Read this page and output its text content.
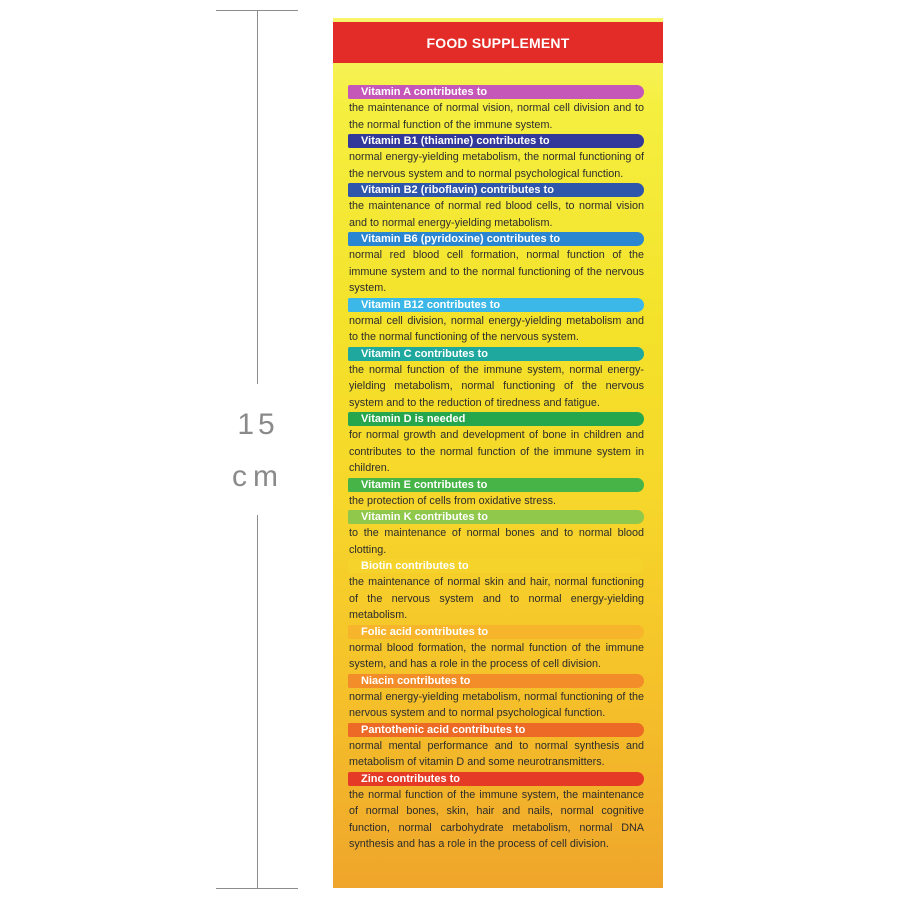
15
cm
FOOD SUPPLEMENT
Vitamin A contributes to

the maintenance of normal vision, normal cell division and to the normal function of the immune system.

Vitamin B1 (thiamine) contributes to

normal energy-yielding metabolism, the normal functioning of the nervous system and to normal psychological function.

Vitamin B2 (riboflavin) contributes to

the maintenance of normal red blood cells, to normal vision and to normal energy-yielding metabolism.

Vitamin B6 (pyridoxine) contributes to

normal red blood cell formation, normal function of the immune system and to the normal functioning of the nervous system.

Vitamin B12 contributes to

normal cell division, normal energy-yielding metabolism and to the normal functioning of the nervous system.

Vitamin C contributes to

the normal function of the immune system, normal energy-yielding metabolism, normal functioning of the nervous system and to the reduction of tiredness and fatigue.

Vitamin D is needed

for normal growth and development of bone in children and contributes to the normal function of the immune system in children.

Vitamin E contributes to

the protection of cells from oxidative stress.

Vitamin K contributes to

to the maintenance of normal bones and to normal blood clotting.

Biotin contributes to

the maintenance of normal skin and hair, normal functioning of the nervous system and to normal energy-yielding metabolism.

Folic acid contributes to

normal blood formation, the normal function of the immune system, and has a role in the process of cell division.

Niacin contributes to

normal energy-yielding metabolism, normal functioning of the nervous system and to normal psychological function.

Pantothenic acid contributes to

normal mental performance and to normal synthesis and metabolism of vitamin D and some neurotransmitters.

Zinc contributes to

the normal function of the immune system, the maintenance of normal bones, skin, hair and nails, normal cognitive function, normal carbohydrate metabolism, normal DNA synthesis and has a role in the process of cell division.
